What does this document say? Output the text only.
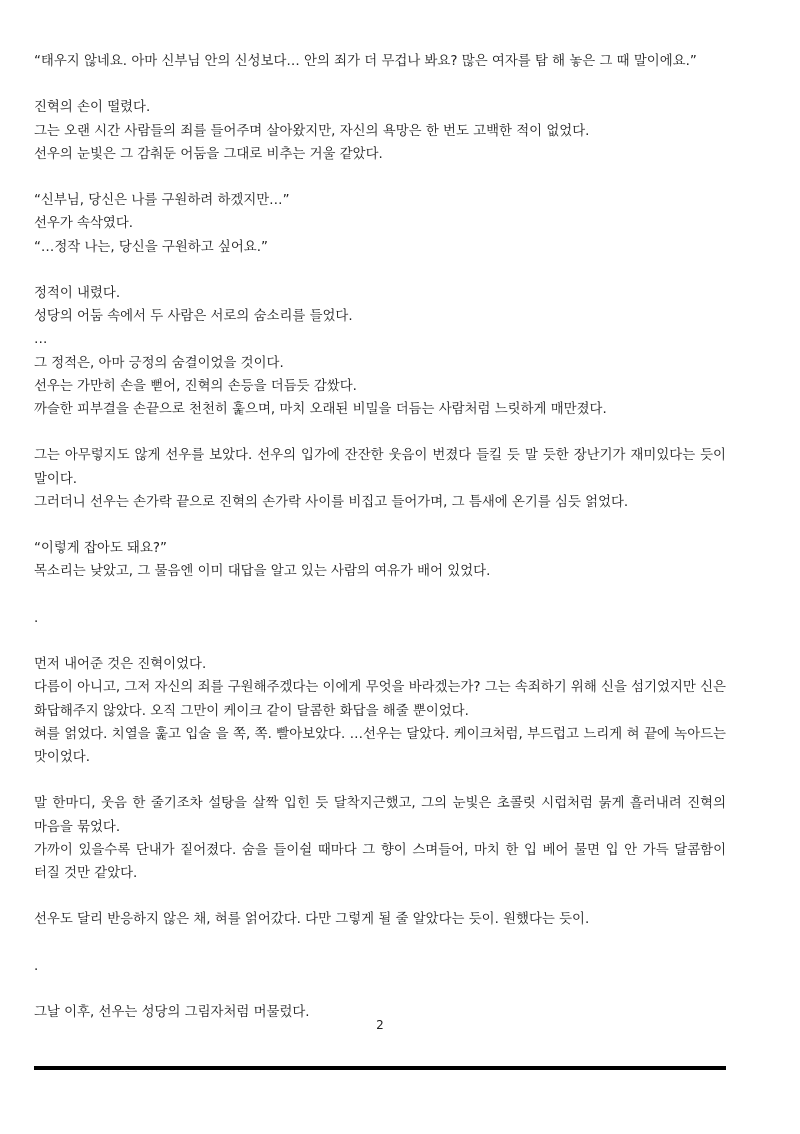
“태우지 않네요. 아마 신부님 안의 신성보다… 안의 죄가 더 무겁나 봐요? 많은 여자를 탐 해 놓은 그 때 말이에요.”

진혁의 손이 떨렸다.

그는 오랜 시간 사람들의 죄를 들어주며 살아왔지만, 자신의 욕망은 한 번도 고백한 적이 없었다.

선우의 눈빛은 그 감춰둔 어둠을 그대로 비추는 거울 같았다.

“신부님, 당신은 나를 구원하려 하겠지만…”

선우가 속삭였다.

“…정작 나는, 당신을 구원하고 싶어요.”

정적이 내렸다.

성당의 어둠 속에서 두 사람은 서로의 숨소리를 들었다.

…

그 정적은, 아마 긍정의 숨결이었을 것이다.

선우는 가만히 손을 뻗어, 진혁의 손등을 더듬듯 감쌌다.

까슬한 피부결을 손끝으로 천천히 훑으며, 마치 오래된 비밀을 더듬는 사람처럼 느릿하게 매만졌다.

그는 아무렇지도 않게 선우를 보았다. 선우의 입가에 잔잔한 웃음이 번졌다 들킬 듯 말 듯한 장난기가 재미있다는 듯이 말이다.

그러더니 선우는 손가락 끝으로 진혁의 손가락 사이를 비집고 들어가며, 그 틈새에 온기를 심듯 얽었다.

“이렇게 잡아도 돼요?”

목소리는 낮았고, 그 물음엔 이미 대답을 알고 있는 사람의 여유가 배어 있었다.

.

먼저 내어준 것은 진혁이었다.

다름이 아니고, 그저 자신의 죄를 구원해주겠다는 이에게 무엇을 바라겠는가? 그는 속죄하기 위해 신을 섬기었지만 신은 화답해주지 않았다. 오직 그만이 케이크 같이 달콤한 화답을 해줄 뿐이었다.

혀를 얽었다. 치열을 훑고 입술 을 쪽, 쪽. 빨아보았다. …선우는 달았다. 케이크처럼, 부드럽고 느리게 혀 끝에 녹아드는 맛이었다.

말 한마디, 웃음 한 줄기조차 설탕을 살짝 입힌 듯 달착지근했고, 그의 눈빛은 초콜릿 시럽처럼 묽게 흘러내려 진혁의 마음을 묶었다.

가까이 있을수록 단내가 짙어졌다. 숨을 들이쉴 때마다 그 향이 스며들어, 마치 한 입 베어 물면 입 안 가득 달콤함이 터질 것만 같았다.

선우도 달리 반응하지 않은 채, 혀를 얽어갔다. 다만 그렇게 될 줄 알았다는 듯이. 원했다는 듯이.

.

그날 이후, 선우는 성당의 그림자처럼 머물렀다.

2
